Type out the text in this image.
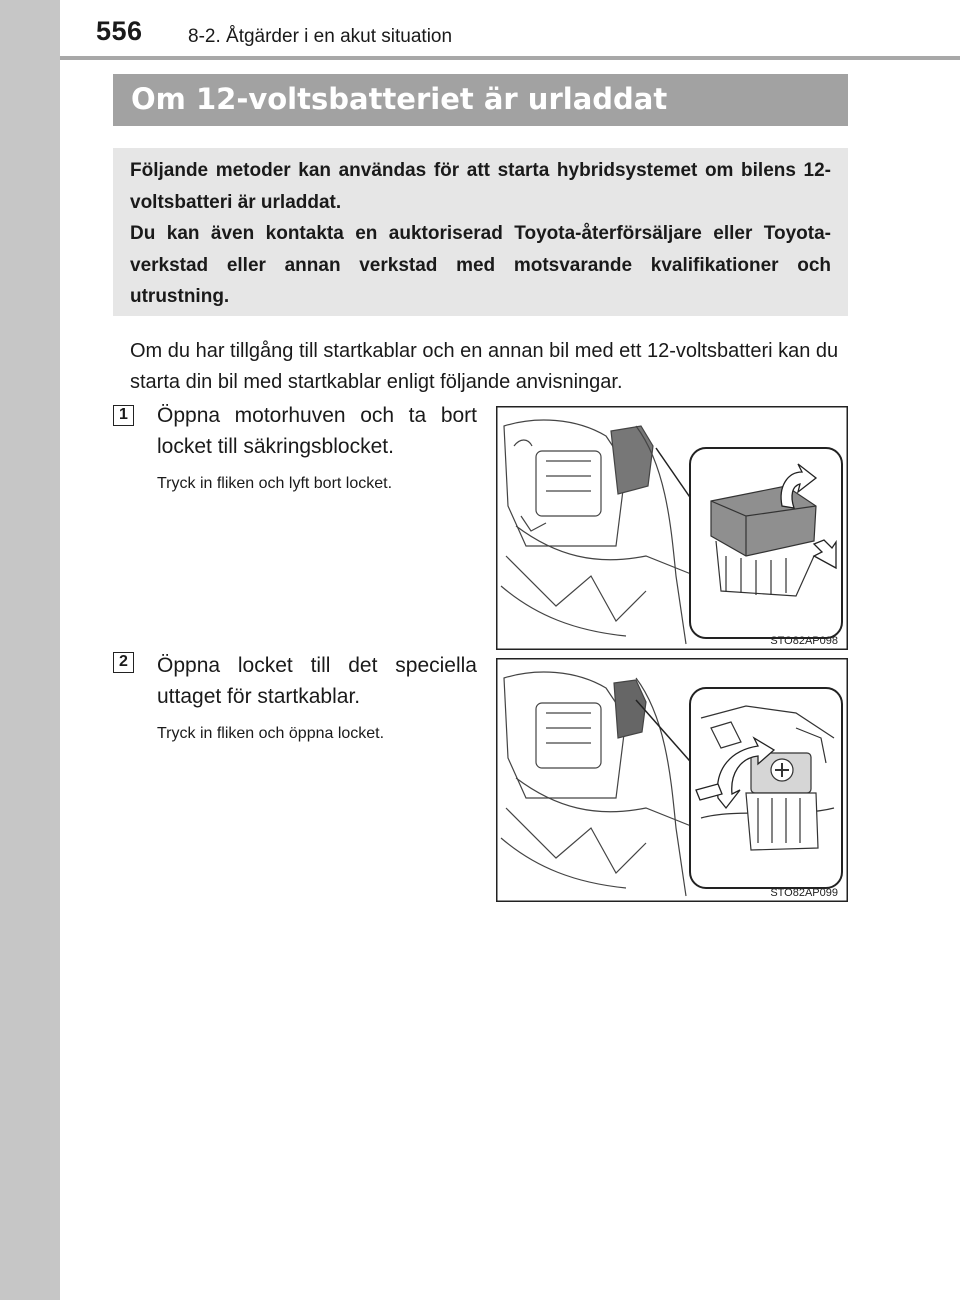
556 8-2. Åtgärder i en akut situation
Om 12-voltsbatteriet är urladdat

Följande metoder kan användas för att starta hybridsystemet om bilens 12-voltsbatteri är urladdat.

Du kan även kontakta en auktoriserad Toyota-återförsäljare eller Toyota-verkstad eller annan verkstad med motsvarande kvalifikationer och utrustning.

Om du har tillgång till startkablar och en annan bil med ett 12-voltsbatteri kan du starta din bil med startkablar enligt följande anvisningar.

1 Öppna motorhuven och ta bort locket till säkringsblocket.

Tryck in fliken och lyft bort locket.

STO82AP098
2 Öppna locket till det speciella uttaget för startkablar.

Tryck in fliken och öppna locket.

STO82AP099
